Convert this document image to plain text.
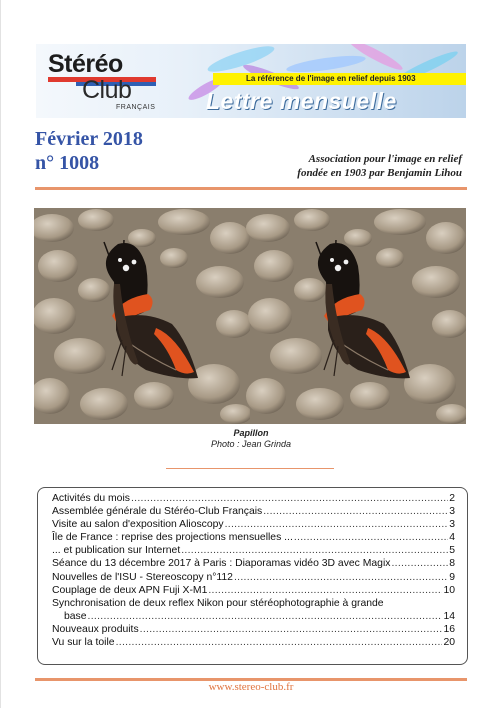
Stéréo
Club
FRANÇAIS Lettre mensuelle
La référence de l'image en relief depuis 1903
Février 2018
n° 1008	Association pour l'image en relief
fondée en 1903 par Benjamin Lihou
Papillon
Photo : Jean Grinda
Activités du mois .....	2
Assemblée générale du Stéréo-Club Français .....	3
Visite au salon d'exposition Alioscopy .....	3
Île de France : reprise des projections mensuelles ... .....	4
... et publication sur Internet .....	5
Séance du 13 décembre 2017 à Paris : Diaporamas vidéo 3D avec Magix .....	8
Nouvelles de l'ISU - Stereoscopy n°112 .....	9
Couplage de deux APN Fuji X-M1 .....	10
Synchronisation de deux reflex Nikon pour stéréophotographie à grande
base .....	14
Nouveaux produits .....	16
Vu sur la toile .....	20
www.stereo-club.fr
